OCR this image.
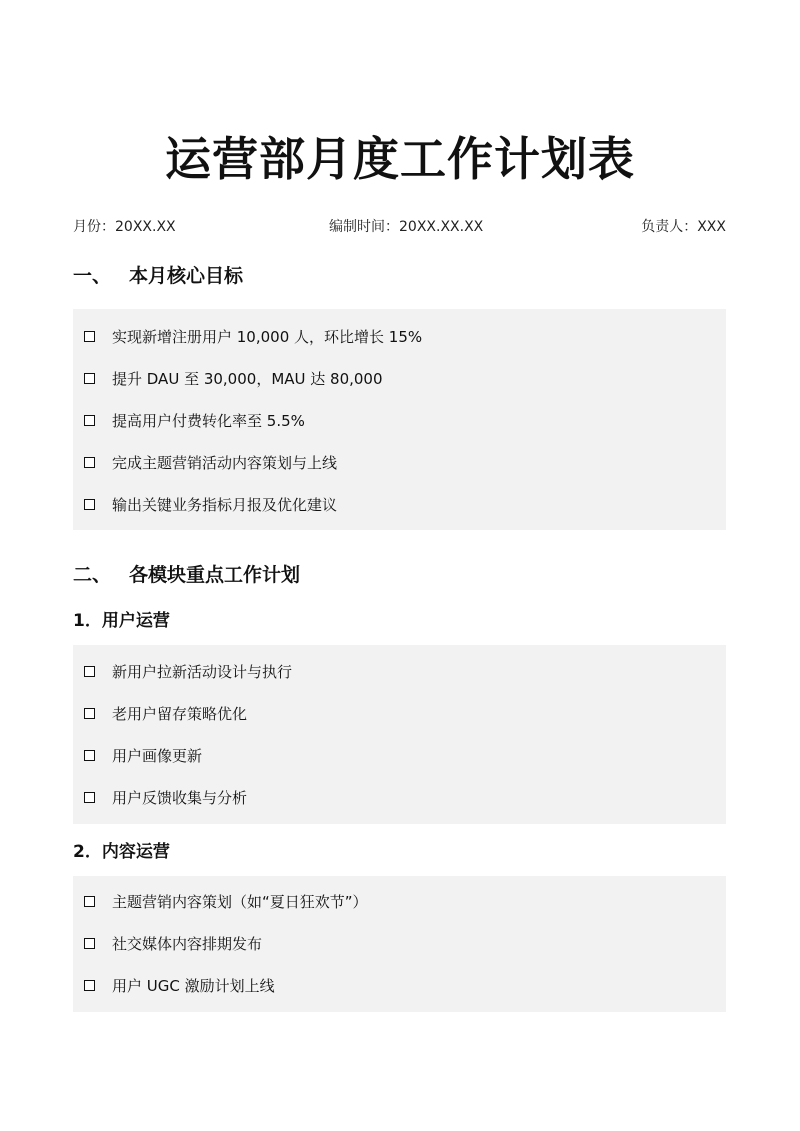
运营部月度工作计划表
月份：20XX.XX	编制时间：20XX.XX.XX	负责人：XXX
一、 本月核心目标
实现新增注册用户 10,000 人，环比增长 15%
提升 DAU 至 30,000，MAU 达 80,000
提高用户付费转化率至 5.5%
完成主题营销活动内容策划与上线
输出关键业务指标月报及优化建议
二、 各模块重点工作计划
1．用户运营
新用户拉新活动设计与执行
老用户留存策略优化
用户画像更新
用户反馈收集与分析
2．内容运营
主题营销内容策划（如“夏日狂欢节”）
社交媒体内容排期发布
用户 UGC 激励计划上线
